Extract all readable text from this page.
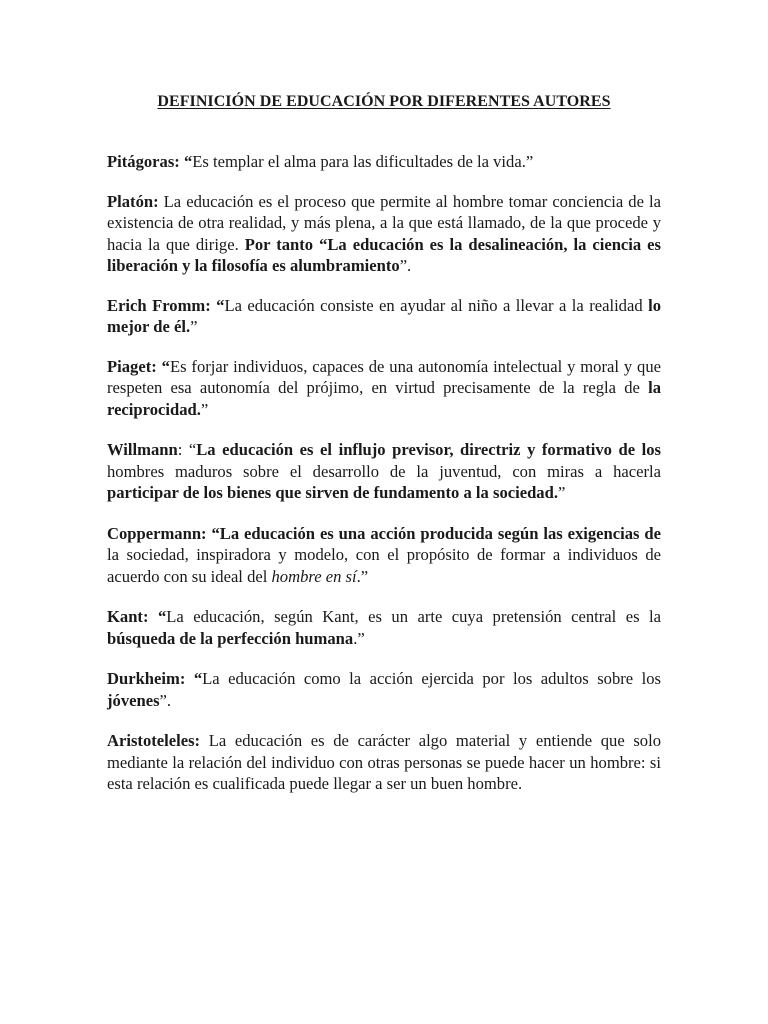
DEFINICIÓN DE EDUCACIÓN POR DIFERENTES AUTORES

Pitágoras: “Es templar el alma para las dificultades de la vida.”

Platón: La educación es el proceso que permite al hombre tomar conciencia de la existencia de otra realidad, y más plena, a la que está llamado, de la que procede y hacia la que dirige. Por tanto “La educación es la desalineación, la ciencia es liberación y la filosofía es alumbramiento”.

Erich Fromm: “La educación consiste en ayudar al niño a llevar a la realidad lo mejor de él.”

Piaget: “Es forjar individuos, capaces de una autonomía intelectual y moral y que respeten esa autonomía del prójimo, en virtud precisamente de la regla de la reciprocidad.”

Willmann: “La educación es el influjo previsor, directriz y formativo de los hombres maduros sobre el desarrollo de la juventud, con miras a hacerla participar de los bienes que sirven de fundamento a la sociedad.”

Coppermann: “La educación es una acción producida según las exigencias de la sociedad, inspiradora y modelo, con el propósito de formar a individuos de acuerdo con su ideal del hombre en sí.”

Kant: “La educación, según Kant, es un arte cuya pretensión central es la búsqueda de la perfección humana.”

Durkheim: “La educación como la acción ejercida por los adultos sobre los jóvenes”.

Aristoteleles: La educación es de carácter algo material y entiende que solo mediante la relación del individuo con otras personas se puede hacer un hombre: si esta relación es cualificada puede llegar a ser un buen hombre.
